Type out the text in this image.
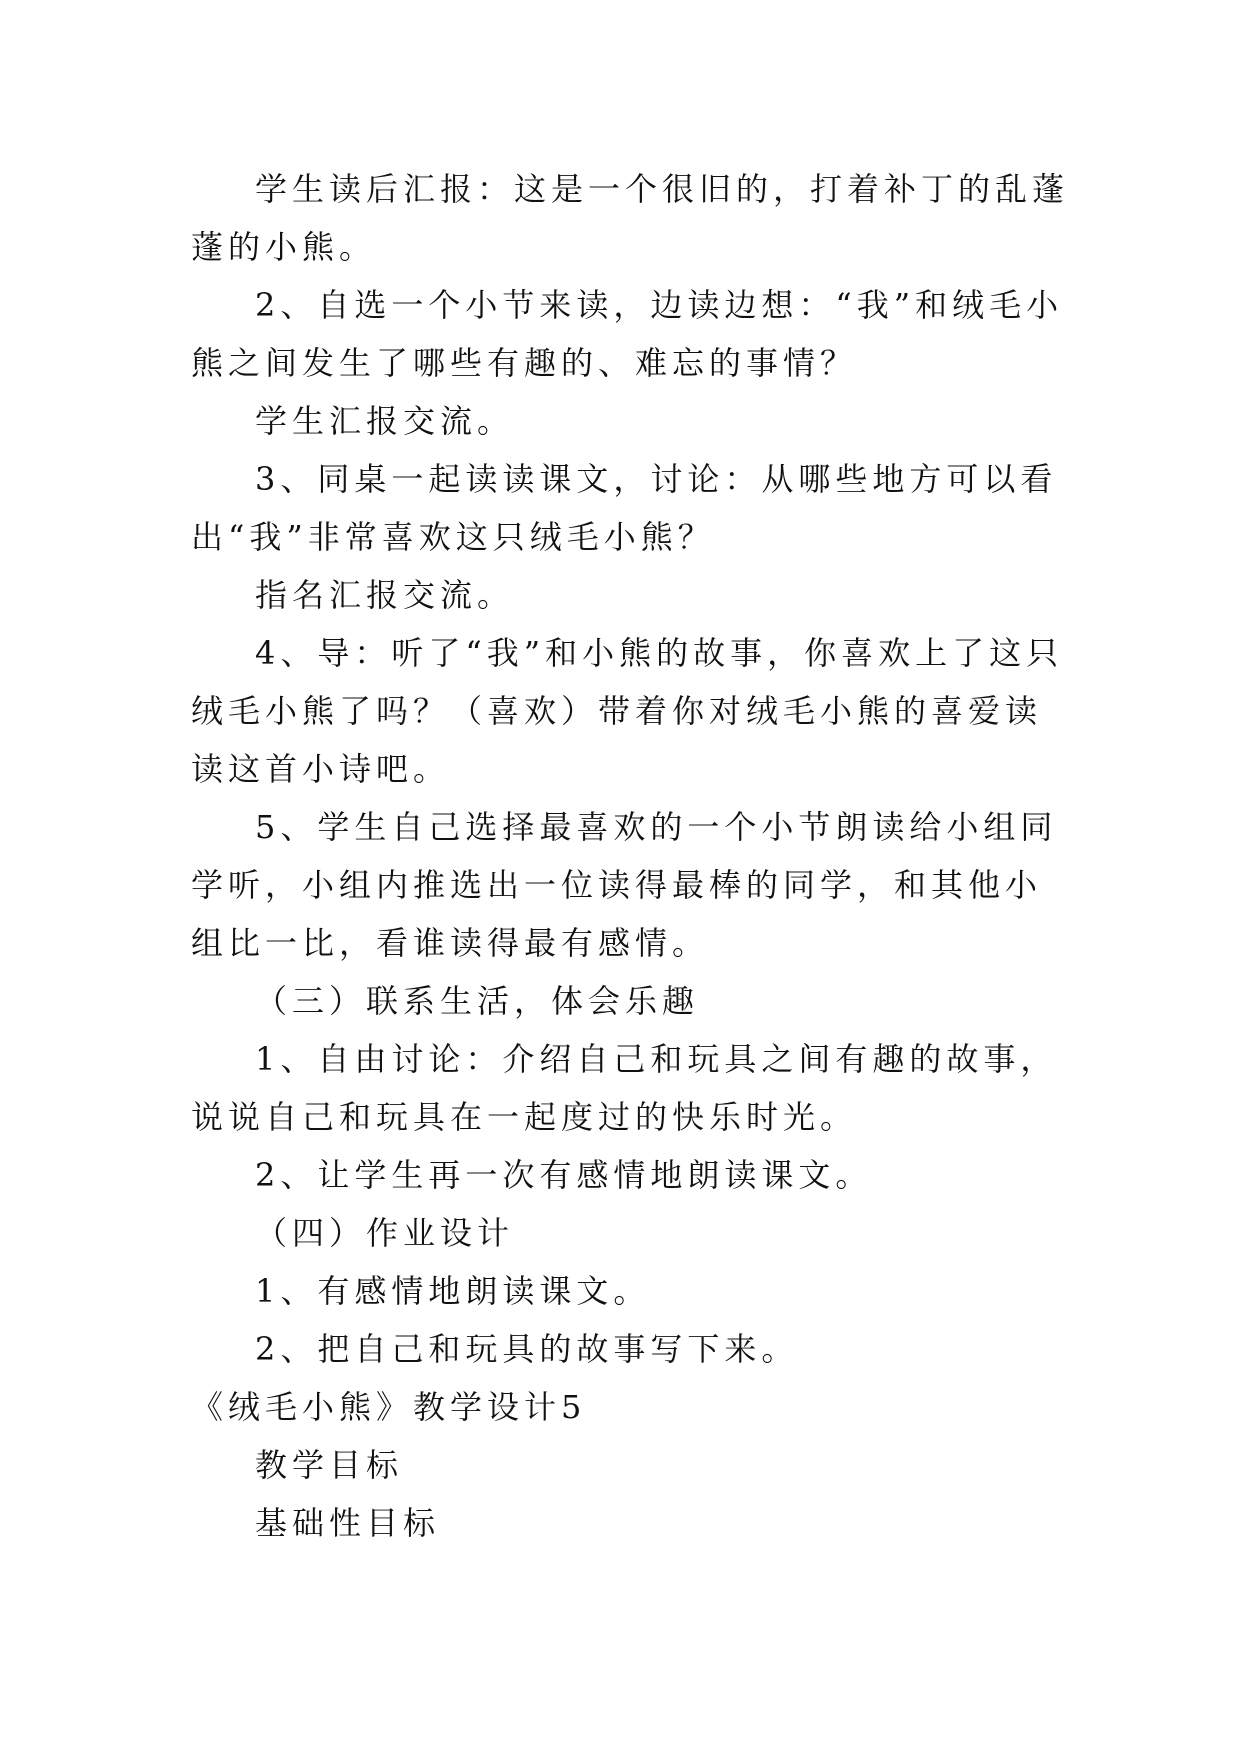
学生读后汇报：这是一个很旧的，打着补丁的乱蓬蓬的小熊。

2、自选一个小节来读，边读边想：“我”和绒毛小熊之间发生了哪些有趣的、难忘的事情？

学生汇报交流。

3、同桌一起读读课文，讨论：从哪些地方可以看出“我”非常喜欢这只绒毛小熊？

指名汇报交流。

4、导：听了“我”和小熊的故事，你喜欢上了这只绒毛小熊了吗？（喜欢）带着你对绒毛小熊的喜爱读读这首小诗吧。

5、学生自己选择最喜欢的一个小节朗读给小组同学听，小组内推选出一位读得最棒的同学，和其他小组比一比，看谁读得最有感情。

（三）联系生活，体会乐趣

1、自由讨论：介绍自己和玩具之间有趣的故事，说说自己和玩具在一起度过的快乐时光。

2、让学生再一次有感情地朗读课文。

（四）作业设计

1、有感情地朗读课文。

2、把自己和玩具的故事写下来。

《绒毛小熊》教学设计5

教学目标

基础性目标
